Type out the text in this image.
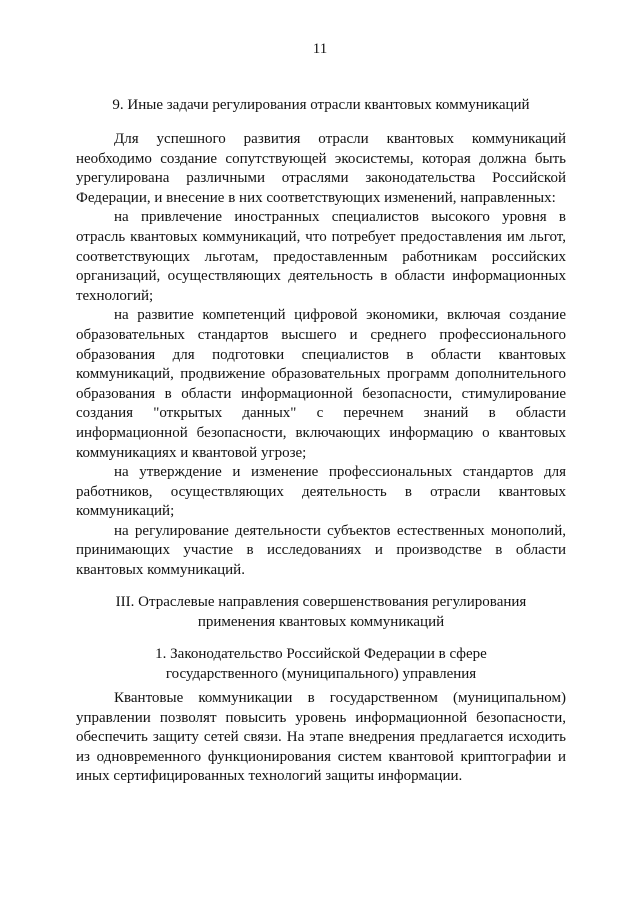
11
9. Иные задачи регулирования отрасли квантовых коммуникаций

Для успешного развития отрасли квантовых коммуникаций необходимо создание сопутствующей экосистемы, которая должна быть урегулирована различными отраслями законодательства Российской Федерации, и внесение в них соответствующих изменений, направленных:

на привлечение иностранных специалистов высокого уровня в отрасль квантовых коммуникаций, что потребует предоставления им льгот, соответствующих льготам, предоставленным работникам российских организаций, осуществляющих деятельность в области информационных технологий;

на развитие компетенций цифровой экономики, включая создание образовательных стандартов высшего и среднего профессионального образования для подготовки специалистов в области квантовых коммуникаций, продвижение образовательных программ дополнительного образования в области информационной безопасности, стимулирование создания "открытых данных" с перечнем знаний в области информационной безопасности, включающих информацию о квантовых коммуникациях и квантовой угрозе;

на утверждение и изменение профессиональных стандартов для работников, осуществляющих деятельность в отрасли квантовых коммуникаций;

на регулирование деятельности субъектов естественных монополий, принимающих участие в исследованиях и производстве в области квантовых коммуникаций.

III. Отраслевые направления совершенствования регулирования
применения квантовых коммуникаций
1. Законодательство Российской Федерации в сфере
государственного (муниципального) управления

Квантовые коммуникации в государственном (муниципальном) управлении позволят повысить уровень информационной безопасности, обеспечить защиту сетей связи. На этапе внедрения предлагается исходить из одновременного функционирования систем квантовой криптографии и иных сертифицированных технологий защиты информации.
